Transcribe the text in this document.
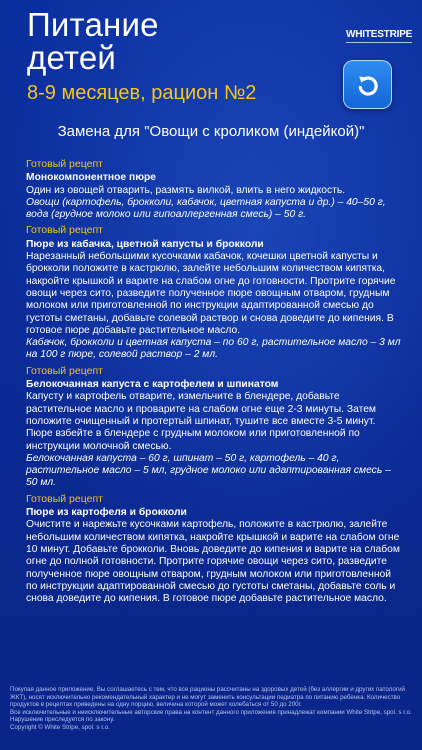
Питание
детей
WHITESTRIPE
8-9 месяцев, рацион №2
Замена для "Овощи с кроликом (индейкой)"

Готовый рецепт

Монокомпонентное пюре

Один из овощей отварить, размять вилкой, влить в него жидкость.

Овощи (картофель, брокколи, кабачок, цветная капуста и др.) – 40–50 г, вода (грудное молоко или гипоаллергенная смесь) – 50 г.

Готовый рецепт

Пюре из кабачка, цветной капусты и брокколи

Нарезанный небольшими кусочками кабачок, кочешки цветной капусты и брокколи положите в кастрюлю, залейте небольшим количеством кипятка, накройте крышкой и варите на слабом огне до готовности. Протрите горячие овощи через сито, разведите полученное пюре овощным отваром, грудным молоком или приготовленной по инструкции адаптированной смесью до густоты сметаны, добавьте солевой раствор и снова доведите до кипения. В готовое пюре добавьте растительное масло.

Кабачок, брокколи и цветная капуста – по 60 г, растительное масло – 3 мл на 100 г пюре, солевой раствор – 2 мл.

Готовый рецепт

Белокочанная капуста с картофелем и шпинатом

Капусту и картофель отварите, измельчите в блендере, добавьте растительное масло и проварите на слабом огне еще 2-3 минуты. Затем положите очищенный и протертый шпинат, тушите все вместе 3-5 минут. Пюре взбейте в блендере с грудным молоком или приготовленной по инструкции молочной смесью.

Белокочанная капуста – 60 г, шпинат – 50 г, картофель – 40 г, растительное масло – 5 мл, грудное молоко или адаптированная смесь – 50 мл.

Готовый рецепт

Пюре из картофеля и брокколи

Очистите и нарежьте кусочками картофель, положите в кастрюлю, залейте небольшим количеством кипятка, накройте крышкой и варите на слабом огне 10 минут. Добавьте брокколи. Вновь доведите до кипения и варите на слабом огне до полной готовности. Протрите горячие овощи через сито, разведите полученное пюре овощным отваром, грудным молоком или приготовленной по инструкции адаптированной смесью до густоты сметаны, добавьте соль и снова доведите до кипения. В готовое пюре добавьте растительное масло.

Покупая данное приложение, Вы соглашаетесь с тем, что все рационы рассчитаны на здоровых детей (без аллергии и других патологий ЖКТ), носят исключительно рекомендательный характер и не могут заменить консультации педиатра по питанию ребенка. Количество продуктов в рецептах приведены на одну порцию, величина которой может колебаться от 50 до 200г.

Все исключительные и неисключительные авторские права на контент данного приложения принадлежат компании White Stripe, spol. s r.o. Нарушение преследуется по закону.

Copyright © White Stripe, spol. s r.o.
